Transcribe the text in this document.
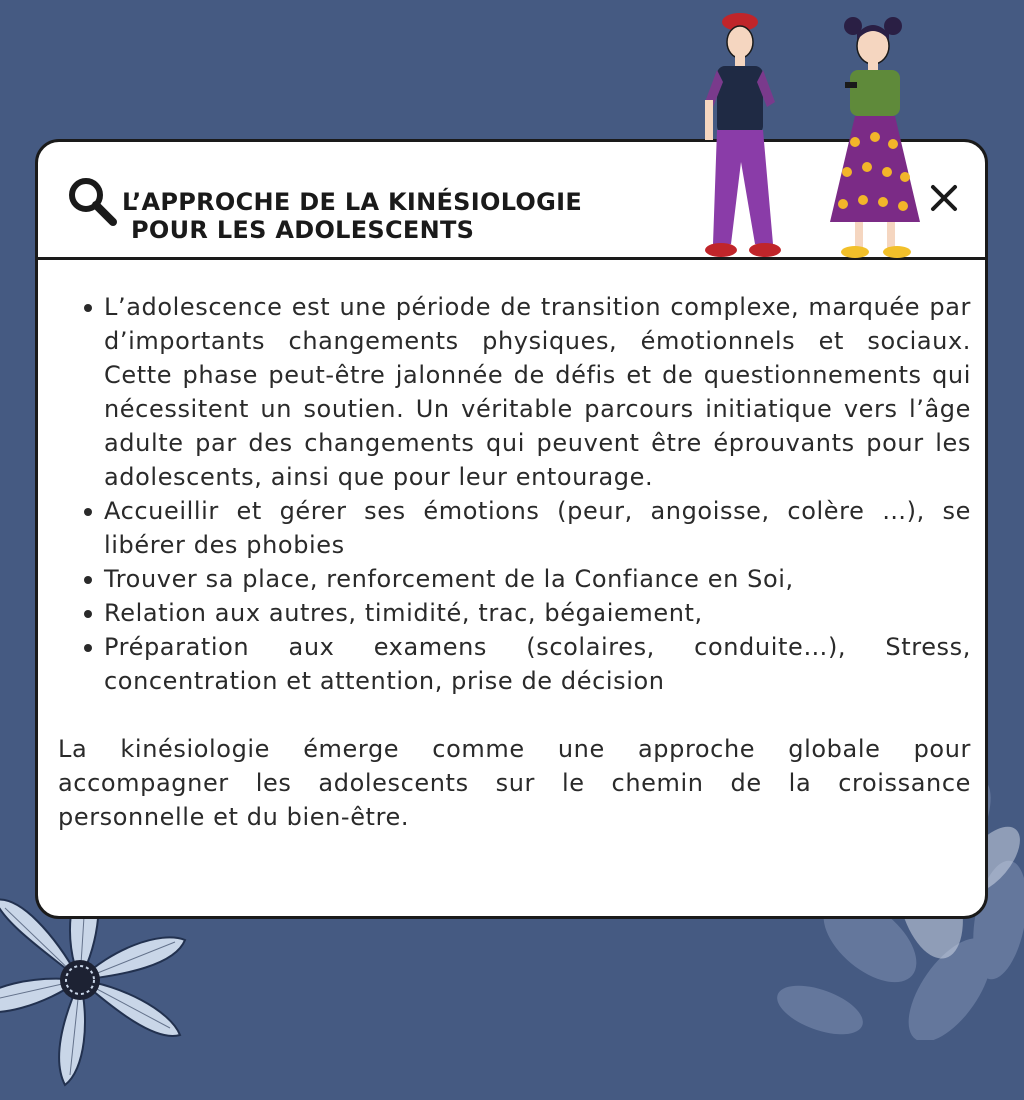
L’APPROCHE DE LA KINÉSIOLOGIE
POUR LES ADOLESCENTS
L’adolescence est une période de transition complexe, marquée par d’importants changements physiques, émotionnels et sociaux. Cette phase peut-être jalonnée de défis et de questionnements qui nécessitent un soutien. Un véritable parcours initiatique vers l’âge adulte par des changements qui peuvent être éprouvants pour les adolescents, ainsi que pour leur entourage.
Accueillir et gérer ses émotions (peur, angoisse, colère …), se libérer des phobies
Trouver sa place, renforcement de la Confiance en Soi,
Relation aux autres, timidité, trac, bégaiement,
Préparation aux examens (scolaires, conduite…), Stress, concentration et attention, prise de décision

La kinésiologie émerge comme une approche globale pour accompagner les adolescents sur le chemin de la croissance personnelle et du bien-être.
